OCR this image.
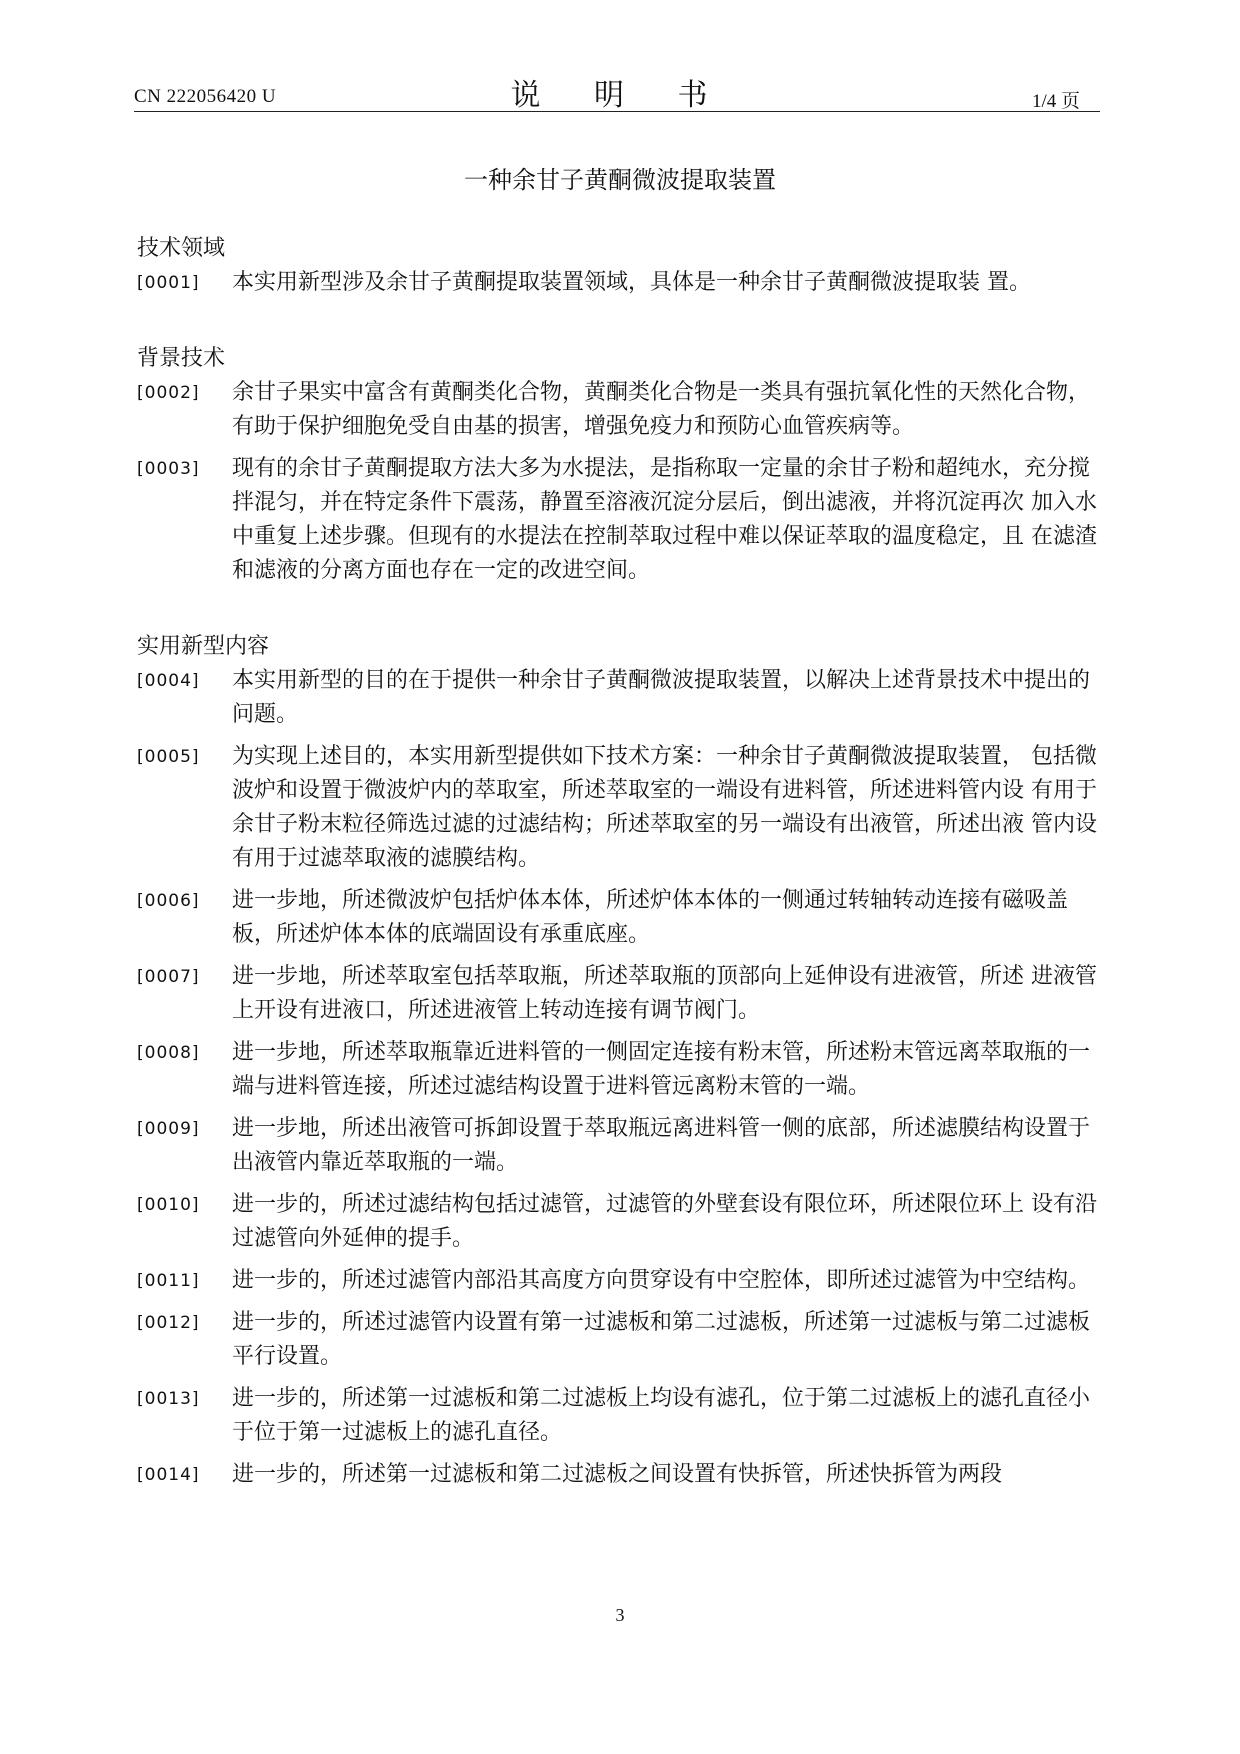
CN 222056420 U	说 明 书	1/4 页
一种余甘子黄酮微波提取装置
技术领域
[0001] 本实用新型涉及余甘子黄酮提取装置领域，具体是一种余甘子黄酮微波提取装 置。
背景技术
[0002] 余甘子果实中富含有黄酮类化合物，黄酮类化合物是一类具有强抗氧化性的天然化合物，有助于保护细胞免受自由基的损害，增强免疫力和预防心血管疾病等。
[0003] 现有的余甘子黄酮提取方法大多为水提法，是指称取一定量的余甘子粉和超纯水，充分搅拌混匀，并在特定条件下震荡，静置至溶液沉淀分层后，倒出滤液，并将沉淀再次 加入水中重复上述步骤。但现有的水提法在控制萃取过程中难以保证萃取的温度稳定，且 在滤渣和滤液的分离方面也存在一定的改进空间。
实用新型内容
[0004] 本实用新型的目的在于提供一种余甘子黄酮微波提取装置，以解决上述背景技术中提出的问题。
[0005] 为实现上述目的，本实用新型提供如下技术方案：一种余甘子黄酮微波提取装置， 包括微波炉和设置于微波炉内的萃取室，所述萃取室的一端设有进料管，所述进料管内设 有用于余甘子粉末粒径筛选过滤的过滤结构；所述萃取室的另一端设有出液管，所述出液 管内设有用于过滤萃取液的滤膜结构。
[0006] 进一步地，所述微波炉包括炉体本体，所述炉体本体的一侧通过转轴转动连接有磁吸盖板，所述炉体本体的底端固设有承重底座。
[0007] 进一步地，所述萃取室包括萃取瓶，所述萃取瓶的顶部向上延伸设有进液管，所述 进液管上开设有进液口，所述进液管上转动连接有调节阀门。
[0008] 进一步地，所述萃取瓶靠近进料管的一侧固定连接有粉末管，所述粉末管远离萃取瓶的一端与进料管连接，所述过滤结构设置于进料管远离粉末管的一端。
[0009] 进一步地，所述出液管可拆卸设置于萃取瓶远离进料管一侧的底部，所述滤膜结构设置于出液管内靠近萃取瓶的一端。
[0010] 进一步的，所述过滤结构包括过滤管，过滤管的外壁套设有限位环，所述限位环上 设有沿过滤管向外延伸的提手。
[0011] 进一步的，所述过滤管内部沿其高度方向贯穿设有中空腔体，即所述过滤管为中空结构。
[0012] 进一步的，所述过滤管内设置有第一过滤板和第二过滤板，所述第一过滤板与第二过滤板平行设置。
[0013] 进一步的，所述第一过滤板和第二过滤板上均设有滤孔，位于第二过滤板上的滤孔直径小于位于第一过滤板上的滤孔直径。
[0014] 进一步的，所述第一过滤板和第二过滤板之间设置有快拆管，所述快拆管为两段
3
